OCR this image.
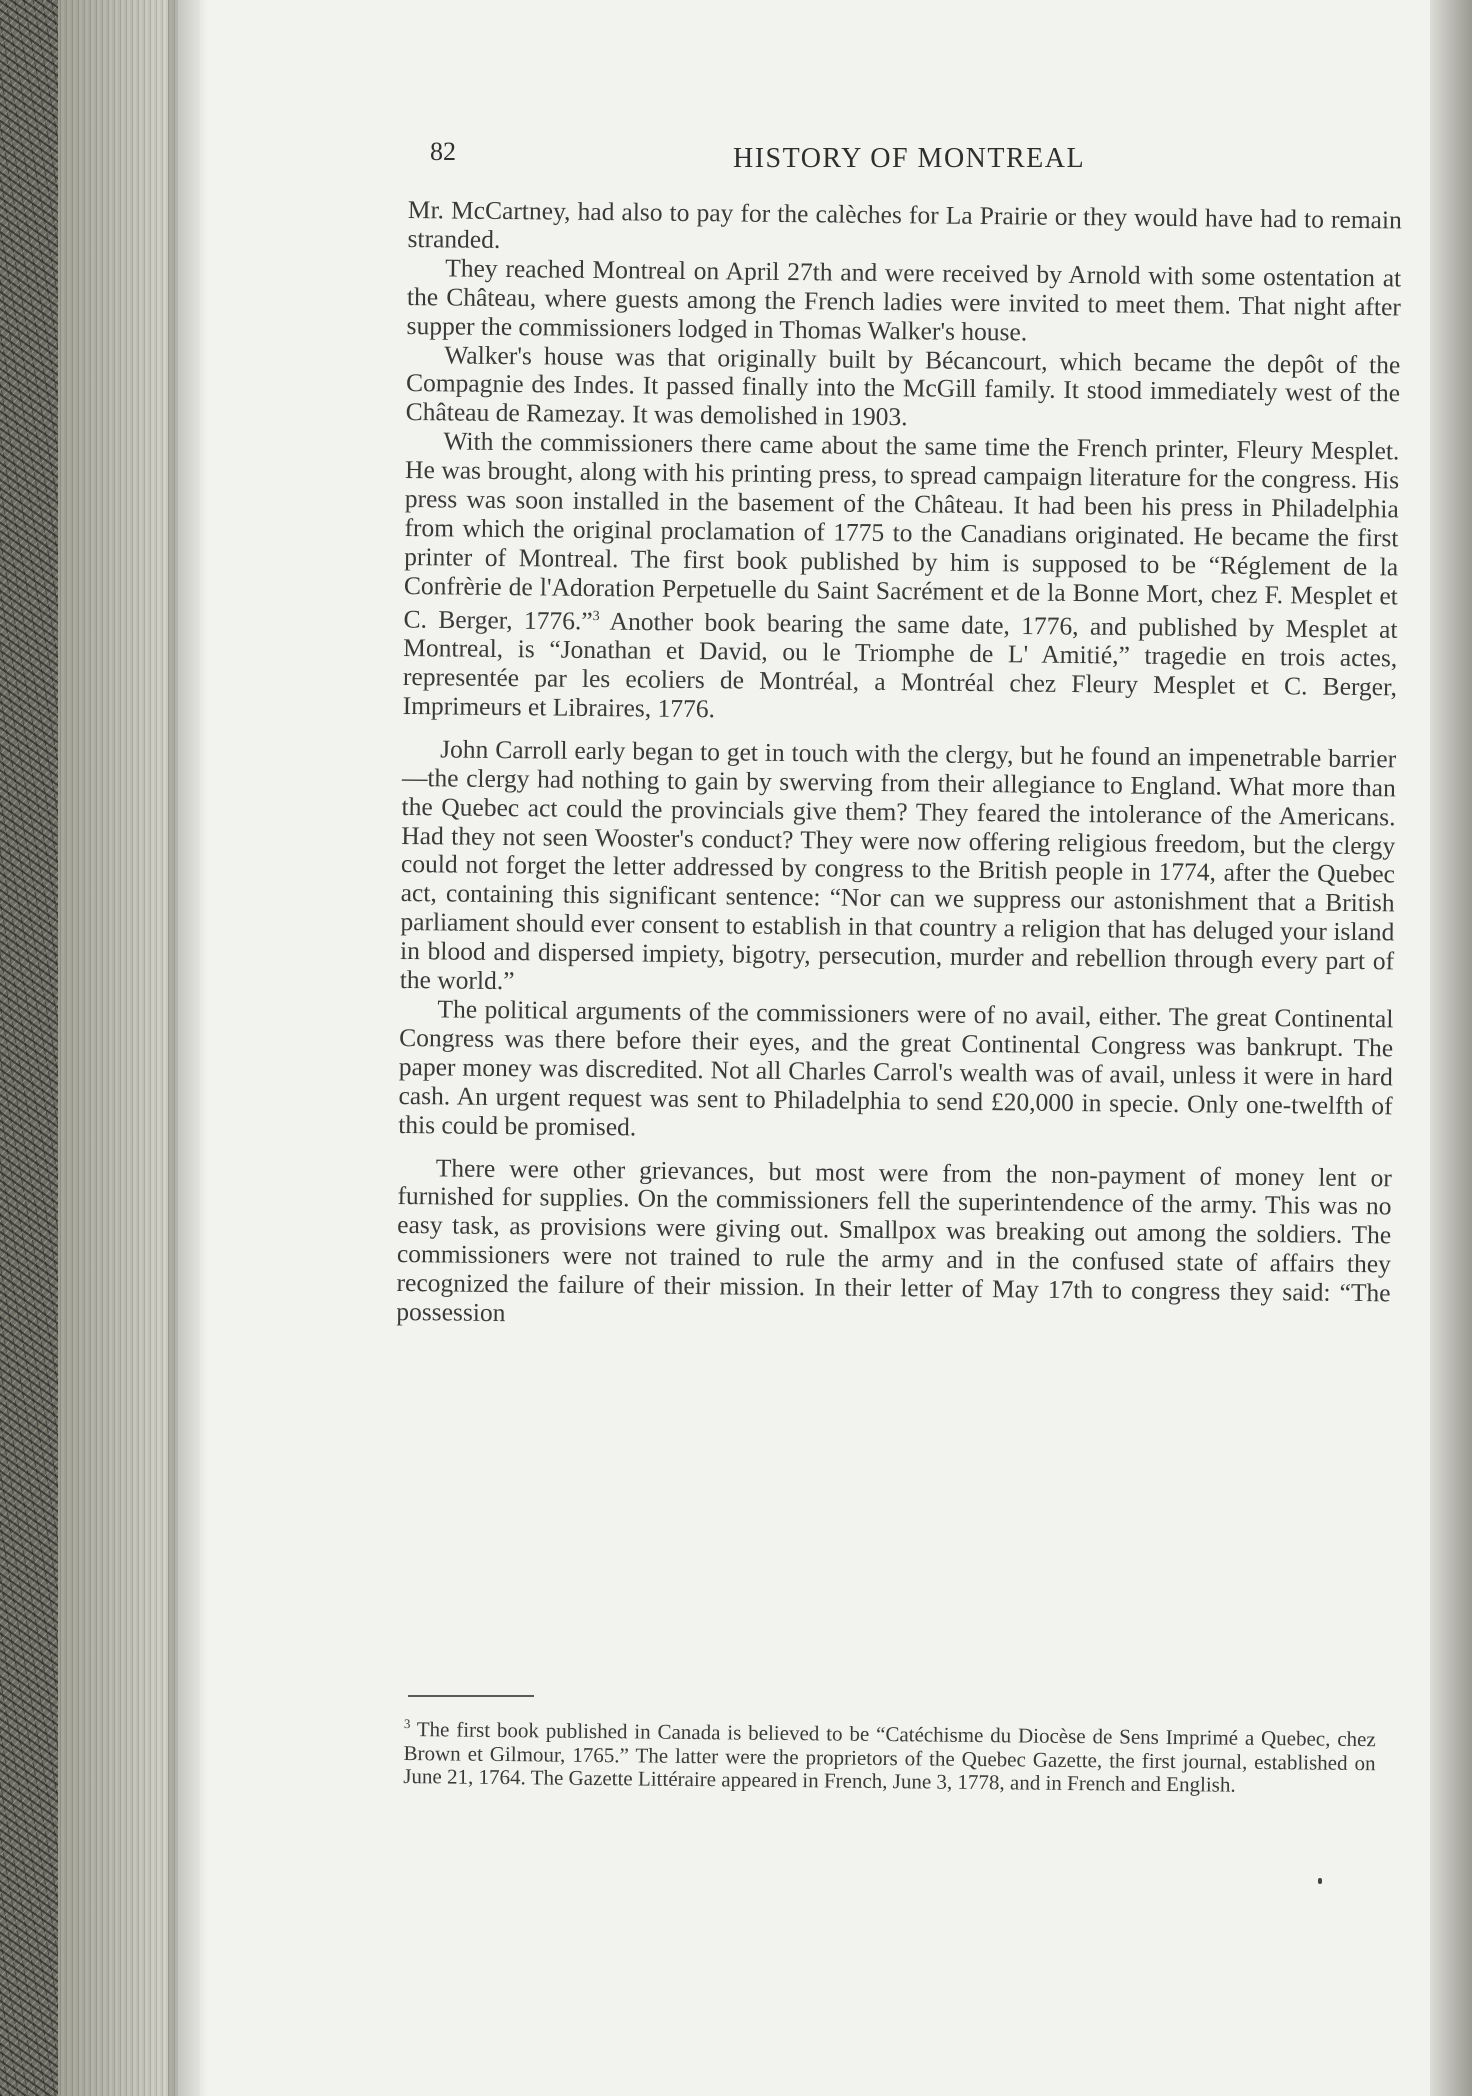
82	HISTORY OF MONTREAL

Mr. McCartney, had also to pay for the calèches for La Prairie or they would have had to remain stranded.

They reached Montreal on April 27th and were received by Arnold with some ostentation at the Château, where guests among the French ladies were invited to meet them. That night after supper the commissioners lodged in Thomas Walker's house.

Walker's house was that originally built by Bécancourt, which became the depôt of the Compagnie des Indes. It passed finally into the McGill family. It stood immediately west of the Château de Ramezay. It was demolished in 1903.

With the commissioners there came about the same time the French printer, Fleury Mesplet. He was brought, along with his printing press, to spread campaign literature for the congress. His press was soon installed in the basement of the Château. It had been his press in Philadelphia from which the original proclamation of 1775 to the Canadians originated. He became the first printer of Montreal. The first book published by him is supposed to be “Réglement de la Confrèrie de l'Adoration Perpetuelle du Saint Sacrément et de la Bonne Mort, chez F. Mesplet et C. Berger, 1776.”$^3$ Another book bearing the same date, 1776, and published by Mesplet at Montreal, is “Jonathan et David, ou le Triomphe de L' Amitié,” tragedie en trois actes, representée par les ecoliers de Montréal, a Montréal chez Fleury Mesplet et C. Berger, Imprimeurs et Libraires, 1776.

John Carroll early began to get in touch with the clergy, but he found an impenetrable barrier—the clergy had nothing to gain by swerving from their allegiance to England. What more than the Quebec act could the provincials give them? They feared the intolerance of the Americans. Had they not seen Wooster's conduct? They were now offering religious freedom, but the clergy could not forget the letter addressed by congress to the British people in 1774, after the Quebec act, containing this significant sentence: “Nor can we suppress our astonishment that a British parliament should ever consent to establish in that country a religion that has deluged your island in blood and dispersed impiety, bigotry, persecution, murder and rebellion through every part of the world.”

The political arguments of the commissioners were of no avail, either. The great Continental Congress was there before their eyes, and the great Continental Congress was bankrupt. The paper money was discredited. Not all Charles Carrol's wealth was of avail, unless it were in hard cash. An urgent request was sent to Philadelphia to send £20,000 in specie. Only one-twelfth of this could be promised.

There were other grievances, but most were from the non-payment of money lent or furnished for supplies. On the commissioners fell the superintendence of the army. This was no easy task, as provisions were giving out. Smallpox was breaking out among the soldiers. The commissioners were not trained to rule the army and in the confused state of affairs they recognized the failure of their mission. In their letter of May 17th to congress they said: “The possession

$^3$ The first book published in Canada is believed to be “Catéchisme du Diocèse de Sens Imprimé a Quebec, chez Brown et Gilmour, 1765.” The latter were the proprietors of the Quebec Gazette, the first journal, established on June 21, 1764. The Gazette Littéraire appeared in French, June 3, 1778, and in French and English.
